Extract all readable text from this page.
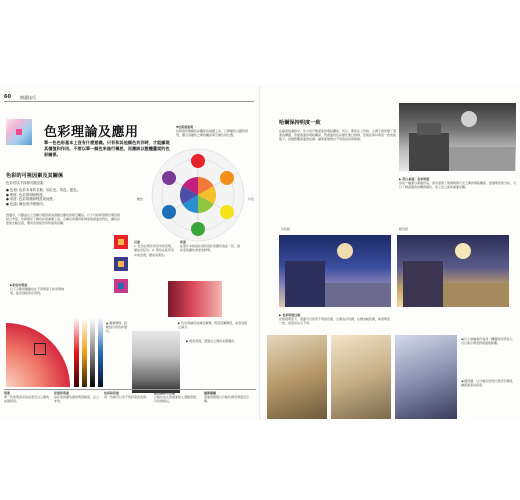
60 繪畫技巧
色彩理論及應用
單一色色彩基本上沒有什麼意義。只有和其他顏色共存時，才能顯現其價值和作用。不要以單一顏色來進行構思，而應該以整體畫面的色彩關係。
色彩的可視因素及其關係
色彩有以下四個可視因素：
● 色相: 色彩本身的名稱，如紅色、黃色、藍色。
● 明度: 色彩的明暗程度。
● 彩度: 色彩的飽和程度或純度。
● 色溫: 顏色的冷暖傾向。
透過中，可藉由以上四種可視因素來發掘出顏色的相互關係。以下分析時須將四個因素結合考量，色相環是了解色彩的重要工具，互補色的運用能夠加強畫面的對比，讓色彩更加生動活潑，類似色則能營造和諧的氛圍。
▼色相環說明
色相環是理解色彩關係的基礎工具，它將顏色以圓形排列，顯示各顏色之間的關係與互補色的位置。
暖色	冷色
亮度
1. 紅色在明亮背景中的表現，變成亮紅色。2. 黃色在暗背景中的表現，變成亮黃色。
彩度
在照片中的高彩度和低彩度顏色放在一起，高彩度的顏色會更加鮮明。
▶ 紅色與綠色的補色漸層，明度逐漸降低，彩度亦隨之減少。
▶彩色的明度
以下示範同種顏色在不同明度下的表現效果，從亮到暗依序排列。
▲ 漸層範例，從暖到冷的色彩變化。
▶ 明度表現，黑到白之間的灰階變化。
明度
單一色的明度是指由黑至白之間的灰階程度。
彩度和明度
高彩度的顏色通常明度較高，反之亦然。
色相和彩度
同一色相可以有不同彩度的表現。
暖色調和冷色調
以暖色為主的畫面給人溫暖感覺，冷色則相反。
建築構圖
畫面的建築以冷暖色調表現遠近空間。
哈爾保持明度一致
在繪畫的過程中，色力是平衡畫面的明暗關係，所以，即使在上色時，主調不會改變了畫面的構圖，改變畫面的明暗關係，對畫面的色彩變化進行控制，然後在保持明度一致的前提下，改變整體畫面的色調，讓畫面展現出不同的氣氛與效果。
▶ 黑白素描：色彩明度
這是一幅黑白素描作品，畫中展現了建築物與月光之間的明暗關係，透過明度的分析，可以了解畫面的結構與層次，是上色之前的重要步驟。
冷色版	暖色版
▶ 色彩明度比較
在相同明度下，畫面可以使用不同的色調，左側為冷色調，右側為暖色調，兩者明度一致，但氣氛完全不同。
◀ 以上兩幅畫作為同一構圖的局部放大，可以看出明度對畫面的影響。
◀ 細部圖：以冷暖色的對比營造空間感，讓畫面更具深度。
